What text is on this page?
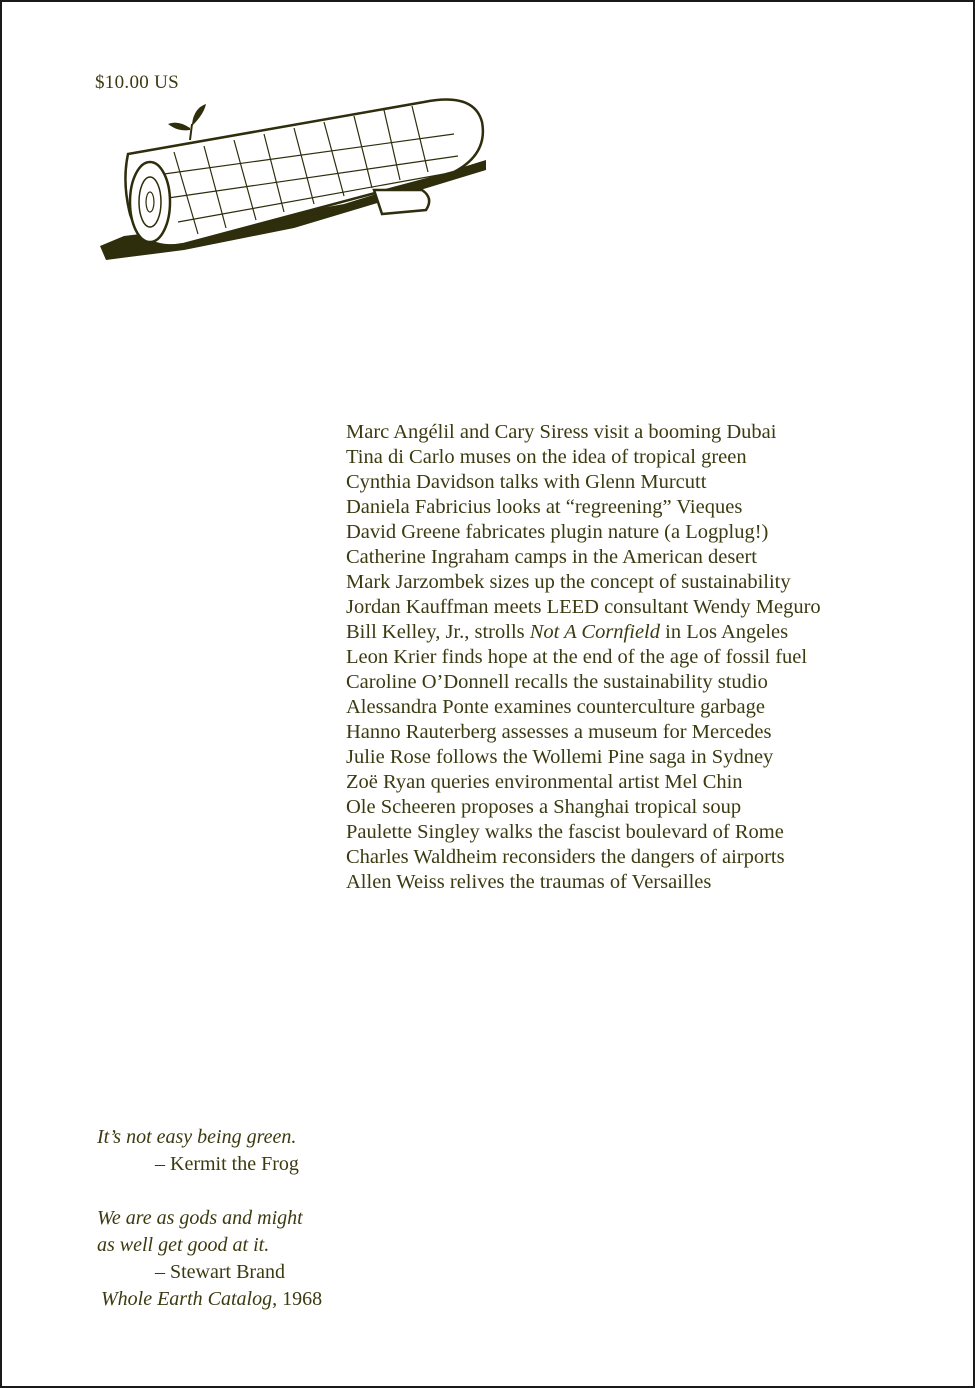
$10.00 US
Marc Angélil and Cary Siress visit a booming Dubai
Tina di Carlo muses on the idea of tropical green
Cynthia Davidson talks with Glenn Murcutt
Daniela Fabricius looks at “regreening” Vieques
David Greene fabricates plugin nature (a Logplug!)
Catherine Ingraham camps in the American desert
Mark Jarzombek sizes up the concept of sustainability
Jordan Kauffman meets LEED consultant Wendy Meguro
Bill Kelley, Jr., strolls Not A Cornfield in Los Angeles
Leon Krier finds hope at the end of the age of fossil fuel
Caroline O’Donnell recalls the sustainability studio
Alessandra Ponte examines counterculture garbage
Hanno Rauterberg assesses a museum for Mercedes
Julie Rose follows the Wollemi Pine saga in Sydney
Zoë Ryan queries environmental artist Mel Chin
Ole Scheeren proposes a Shanghai tropical soup
Paulette Singley walks the fascist boulevard of Rome
Charles Waldheim reconsiders the dangers of airports
Allen Weiss relives the traumas of Versailles
It’s not easy being green.
– Kermit the Frog
We are as gods and might
as well get good at it.
– Stewart Brand
Whole Earth Catalog, 1968
